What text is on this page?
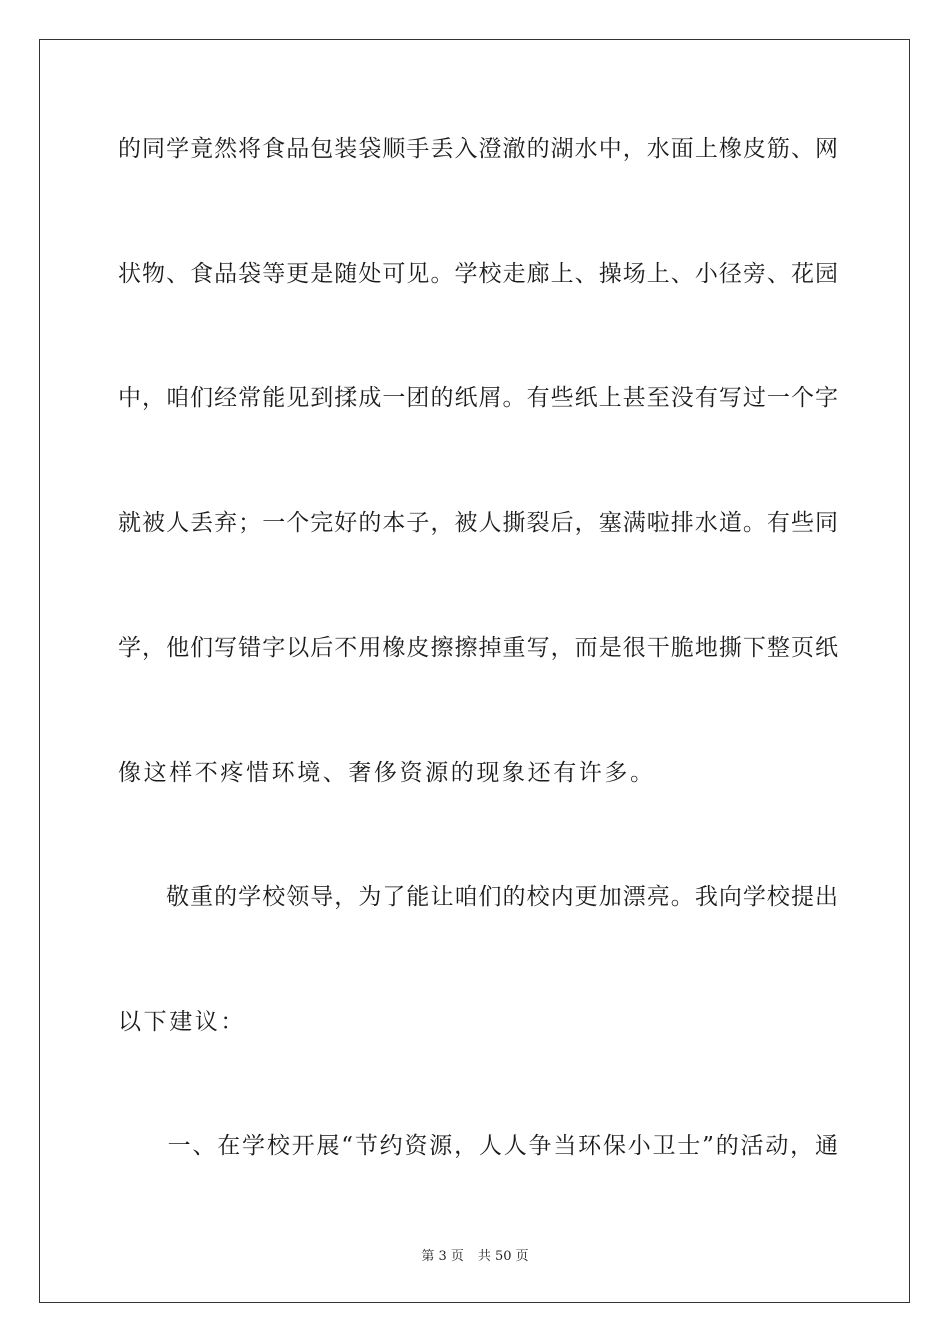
的同学竟然将食品包装袋顺手丢入澄澈的湖水中，水面上橡皮筋、网
状物、食品袋等更是随处可见。学校走廊上、操场上、小径旁、花园
中，咱们经常能见到揉成一团的纸屑。有些纸上甚至没有写过一个字
就被人丢弃；一个完好的本子，被人撕裂后，塞满啦排水道。有些同
学，他们写错字以后不用橡皮擦擦掉重写，而是很干脆地撕下整页纸
像这样不疼惜环境、奢侈资源的现象还有许多。
　　敬重的学校领导，为了能让咱们的校内更加漂亮。我向学校提出
以下建议：
　　一、在学校开展“节约资源，人人争当环保小卫士”的活动，通
第 3 页 共 50 页
